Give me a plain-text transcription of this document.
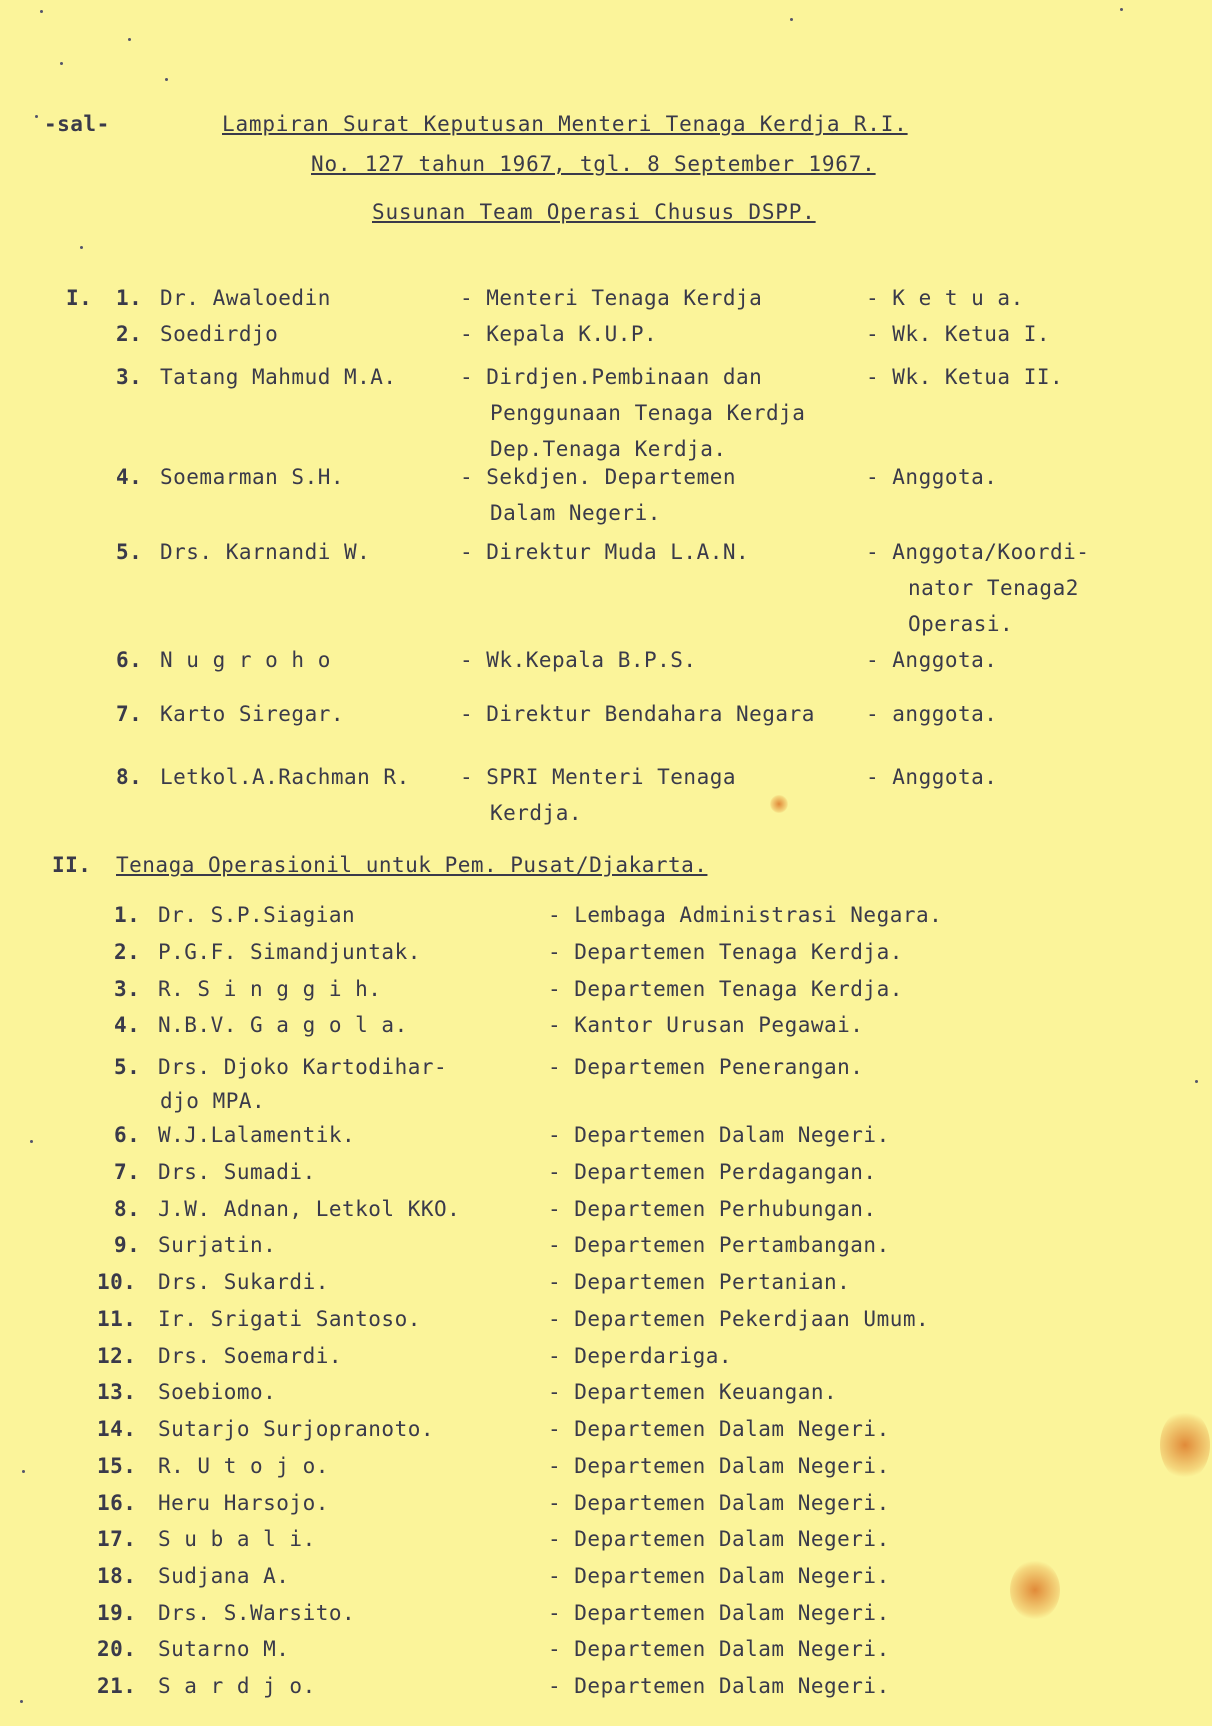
-sal-	Lampiran Surat Keputusan Menteri Tenaga Kerdja R.I.
No. 127 tahun 1967, tgl. 8 September 1967.
Susunan Team Operasi Chusus DSPP.
I. 1. Dr. Awaloedin	- Menteri Tenaga Kerdja	- K e t u a.
2. Soedirdjo	- Kepala K.U.P.	- Wk. Ketua I.
3. Tatang Mahmud M.A.	- Dirdjen.Pembinaan dan
Penggunaan Tenaga Kerdja
Dep.Tenaga Kerdja.
- Wk. Ketua II.
4. Soemarman S.H.	- Sekdjen. Departemen
Dalam Negeri.
- Anggota.
5. Drs. Karnandi W.	- Direktur Muda L.A.N.	- Anggota/Koordi-
nator Tenaga2
Operasi.
6. N u g r o h o	- Wk.Kepala B.P.S.	- Anggota.
7. Karto Siregar.	- Direktur Bendahara Negara - anggota.
8. Letkol.A.Rachman R. - SPRI Menteri Tenaga
Kerdja.
- Anggota.
II. Tenaga Operasionil untuk Pem. Pusat/Djakarta.
1. Dr. S.P.Siagian	- Lembaga Administrasi Negara.
2. P.G.F. Simandjuntak.	- Departemen Tenaga Kerdja.
3. R. S i n g g i h.	- Departemen Tenaga Kerdja.
4. N.B.V. G a g o l a.	- Kantor Urusan Pegawai.
5. Drs. Djoko Kartodihar-
djo MPA.
- Departemen Penerangan.
6. W.J.Lalamentik.	- Departemen Dalam Negeri.
7. Drs. Sumadi.	- Departemen Perdagangan.
8. J.W. Adnan, Letkol KKO.	- Departemen Perhubungan.
9. Surjatin.	- Departemen Pertambangan.
10. Drs. Sukardi.	- Departemen Pertanian.
11. Ir. Srigati Santoso.	- Departemen Pekerdjaan Umum.
12. Drs. Soemardi.	- Deperdariga.
13. Soebiomo.	- Departemen Keuangan.
14. Sutarjo Surjopranoto.	- Departemen Dalam Negeri.
15. R. U t o j o.	- Departemen Dalam Negeri.
16. Heru Harsojo.	- Departemen Dalam Negeri.
17. S u b a l i.	- Departemen Dalam Negeri.
18. Sudjana A.	- Departemen Dalam Negeri.
19. Drs. S.Warsito.	- Departemen Dalam Negeri.
20. Sutarno M.	- Departemen Dalam Negeri.
21. S a r d j o.	- Departemen Dalam Negeri.
